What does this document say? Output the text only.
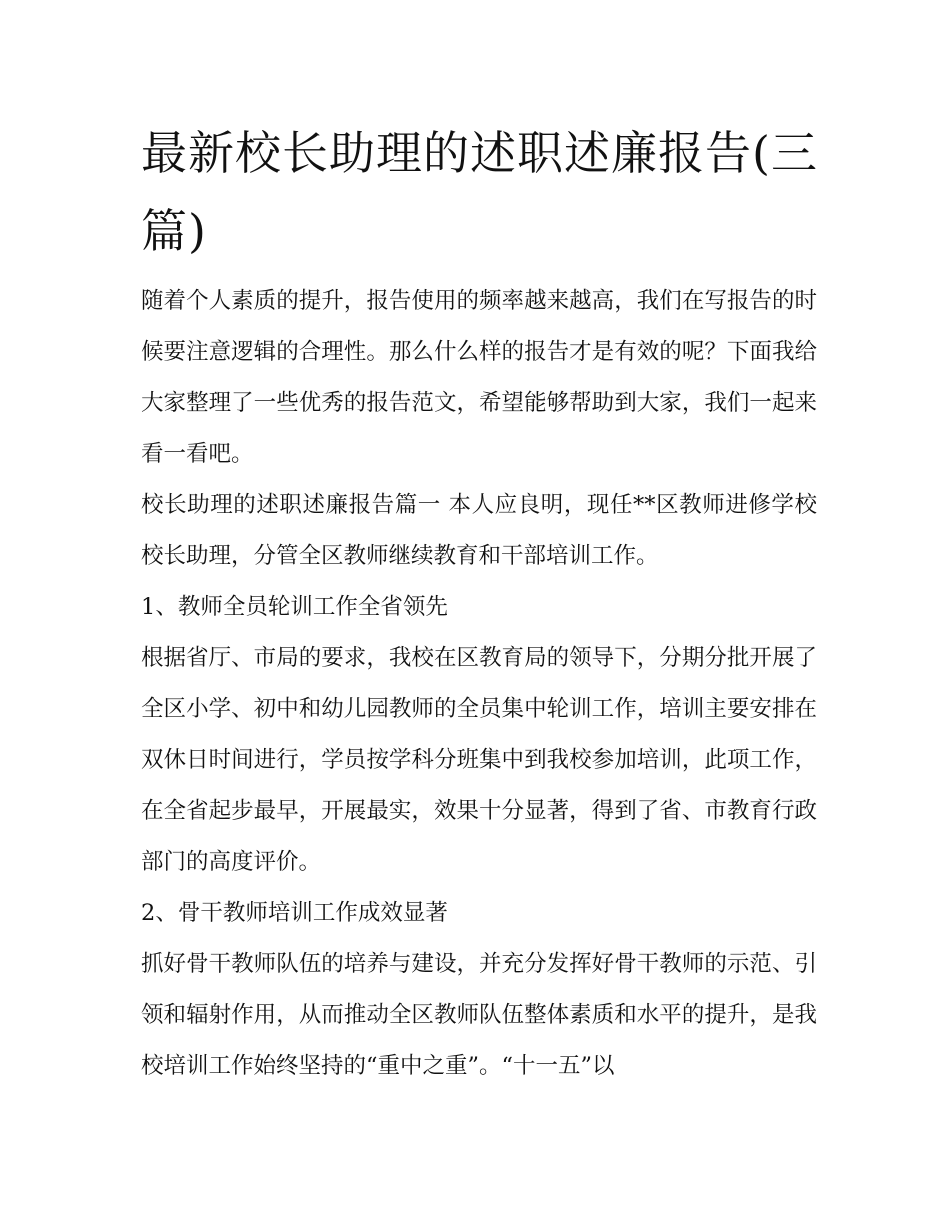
最新校长助理的述职述廉报告(三篇)

随着个人素质的提升，报告使用的频率越来越高，我们在写报告的时候要注意逻辑的合理性。那么什么样的报告才是有效的呢？下面我给大家整理了一些优秀的报告范文，希望能够帮助到大家，我们一起来看一看吧。

校长助理的述职述廉报告篇一 本人应良明，现任**区教师进修学校校长助理，分管全区教师继续教育和干部培训工作。

1、教师全员轮训工作全省领先

根据省厅、市局的要求，我校在区教育局的领导下，分期分批开展了全区小学、初中和幼儿园教师的全员集中轮训工作，培训主要安排在双休日时间进行，学员按学科分班集中到我校参加培训，此项工作，在全省起步最早，开展最实，效果十分显著，得到了省、市教育行政部门的高度评价。

2、骨干教师培训工作成效显著

抓好骨干教师队伍的培养与建设，并充分发挥好骨干教师的示范、引领和辐射作用，从而推动全区教师队伍整体素质和水平的提升，是我校培训工作始终坚持的“重中之重”。“十一五”以
